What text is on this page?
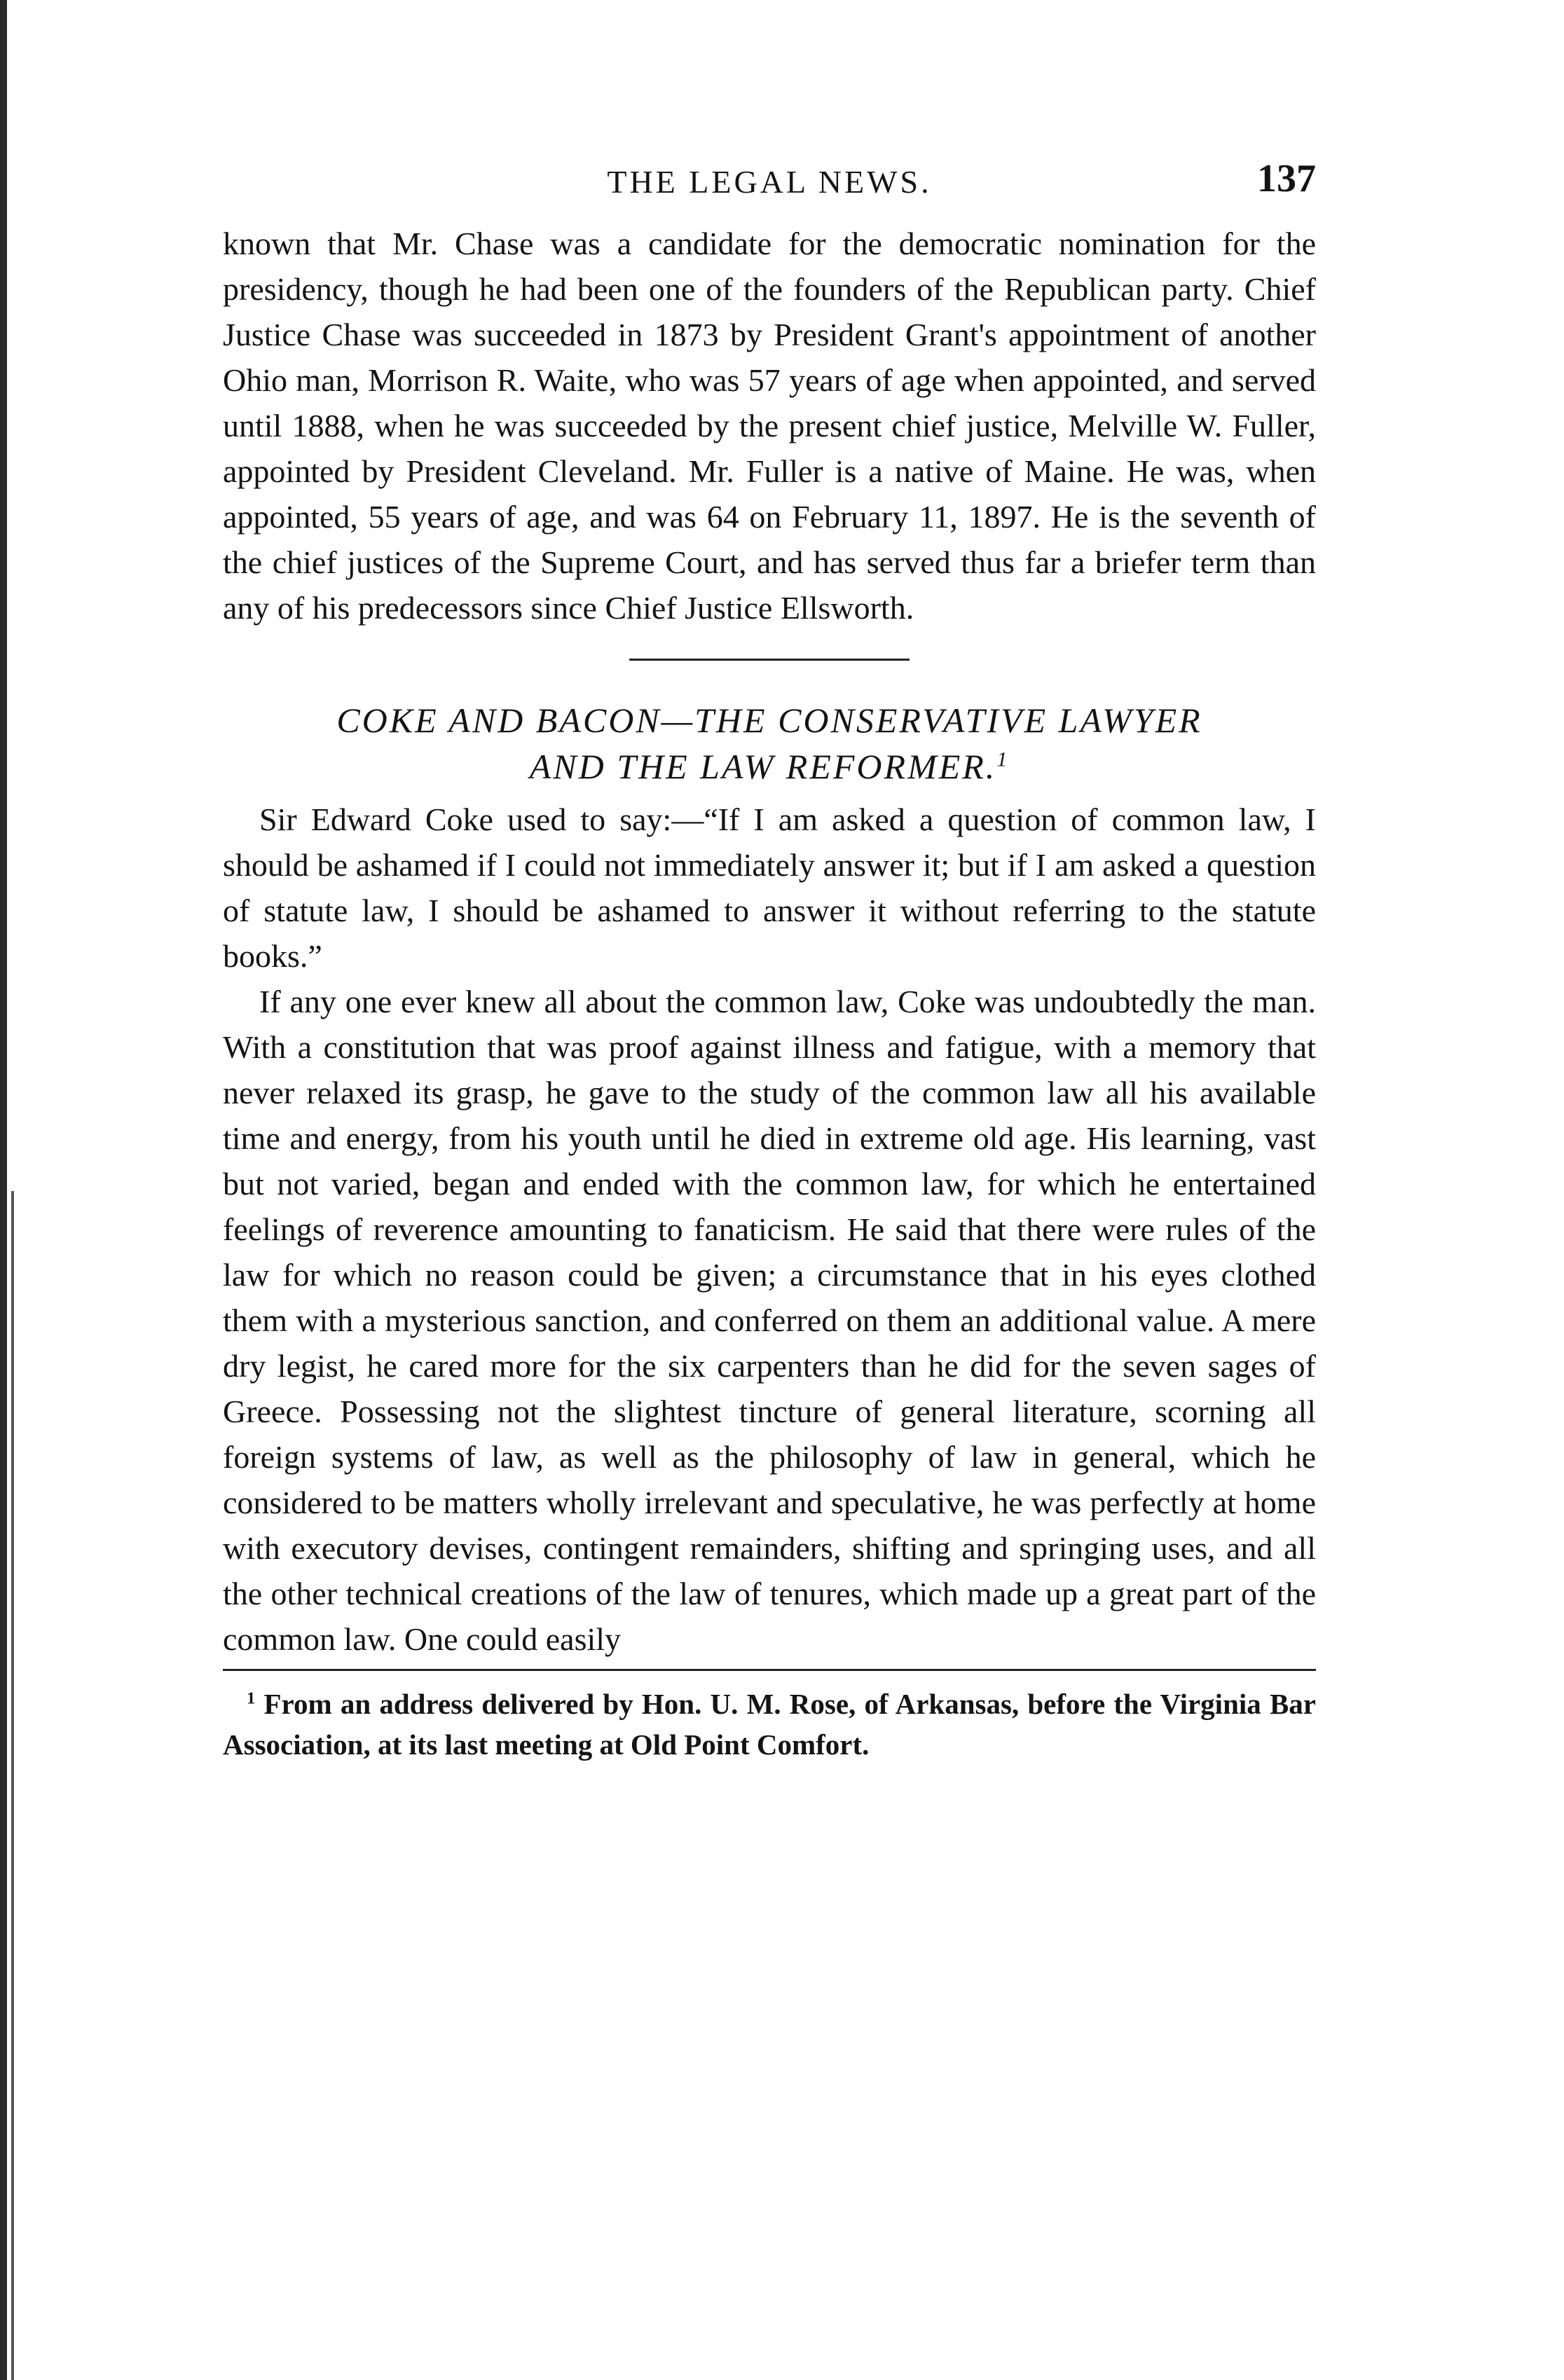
THE LEGAL NEWS.	137

known that Mr. Chase was a candidate for the democratic nomination for the presidency, though he had been one of the founders of the Republican party. Chief Justice Chase was succeeded in 1873 by President Grant's appointment of another Ohio man, Morrison R. Waite, who was 57 years of age when appointed, and served until 1888, when he was succeeded by the present chief justice, Melville W. Fuller, appointed by President Cleveland. Mr. Fuller is a native of Maine. He was, when appointed, 55 years of age, and was 64 on February 11, 1897. He is the seventh of the chief justices of the Supreme Court, and has served thus far a briefer term than any of his predecessors since Chief Justice Ellsworth.

COKE AND BACON—THE CONSERVATIVE LAWYER
AND THE LAW REFORMER.$^1$

Sir Edward Coke used to say:—“If I am asked a question of common law, I should be ashamed if I could not immediately answer it; but if I am asked a question of statute law, I should be ashamed to answer it without referring to the statute books.”

If any one ever knew all about the common law, Coke was undoubtedly the man. With a constitution that was proof against illness and fatigue, with a memory that never relaxed its grasp, he gave to the study of the common law all his available time and energy, from his youth until he died in extreme old age. His learning, vast but not varied, began and ended with the common law, for which he entertained feelings of reverence amounting to fanaticism. He said that there were rules of the law for which no reason could be given; a circumstance that in his eyes clothed them with a mysterious sanction, and conferred on them an additional value. A mere dry legist, he cared more for the six carpenters than he did for the seven sages of Greece. Possessing not the slightest tincture of general literature, scorning all foreign systems of law, as well as the philosophy of law in general, which he considered to be matters wholly irrelevant and speculative, he was perfectly at home with executory devises, contingent remainders, shifting and springing uses, and all the other technical creations of the law of tenures, which made up a great part of the common law. One could easily

$^1$ From an address delivered by Hon. U. M. Rose, of Arkansas, before the Virginia Bar Association, at its last meeting at Old Point Comfort.
